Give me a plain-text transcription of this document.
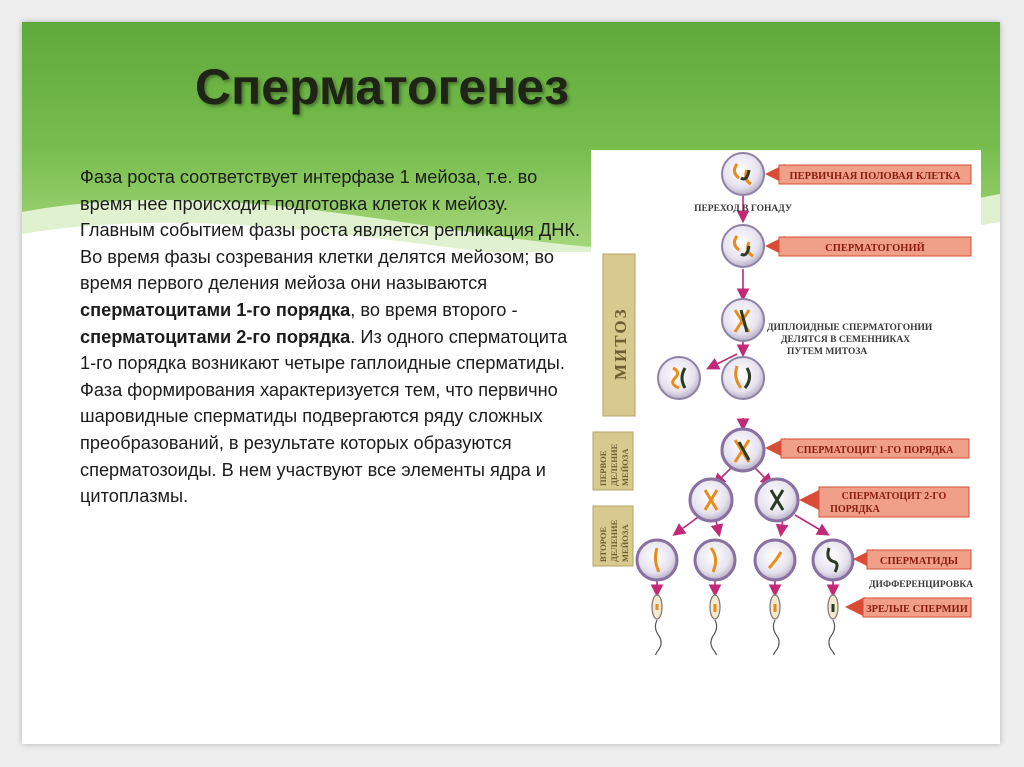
Сперматогенез
Фаза роста соответствует интерфазе 1 мейоза, т.е. во время нее происходит подготовка клеток к мейозу. Главным событием фазы роста является репликация ДНК. Во время фазы созревания клетки делятся мейозом; во время первого деления мейоза они называются сперматоцитами 1-го порядка, во время второго - сперматоцитами 2-го порядка. Из одного сперматоцита 1-го порядка возникают четыре гаплоидные сперматиды. Фаза формирования характеризуется тем, что первично шаровидные сперматиды подвергаются ряду сложных преобразований, в результате которых образуются сперматозоиды. В нем участвуют все элементы ядра и цитоплазмы.
МИТОЗ
ПЕРВОЕ ДЕЛЕНИЕ МЕЙОЗА
ВТОРОЕ ДЕЛЕНИЕ МЕЙОЗА
ПЕРВИЧНАЯ ПОЛОВАЯ КЛЕТКА
ПЕРЕХОД В ГОНАДУ
СПЕРМАТОГОНИЙ
ДИПЛОИДНЫЕ СПЕРМАТОГОНИИ
ДЕЛЯТСЯ В СЕМЕННИКАХ
ПУТЕМ МИТОЗА
СПЕРМАТОЦИТ 1-ГО ПОРЯДКА
СПЕРМАТОЦИТ 2-ГО
ПОРЯДКА
СПЕРМАТИДЫ
ДИФФЕРЕНЦИРОВКА
ЗРЕЛЫЕ СПЕРМИИ
